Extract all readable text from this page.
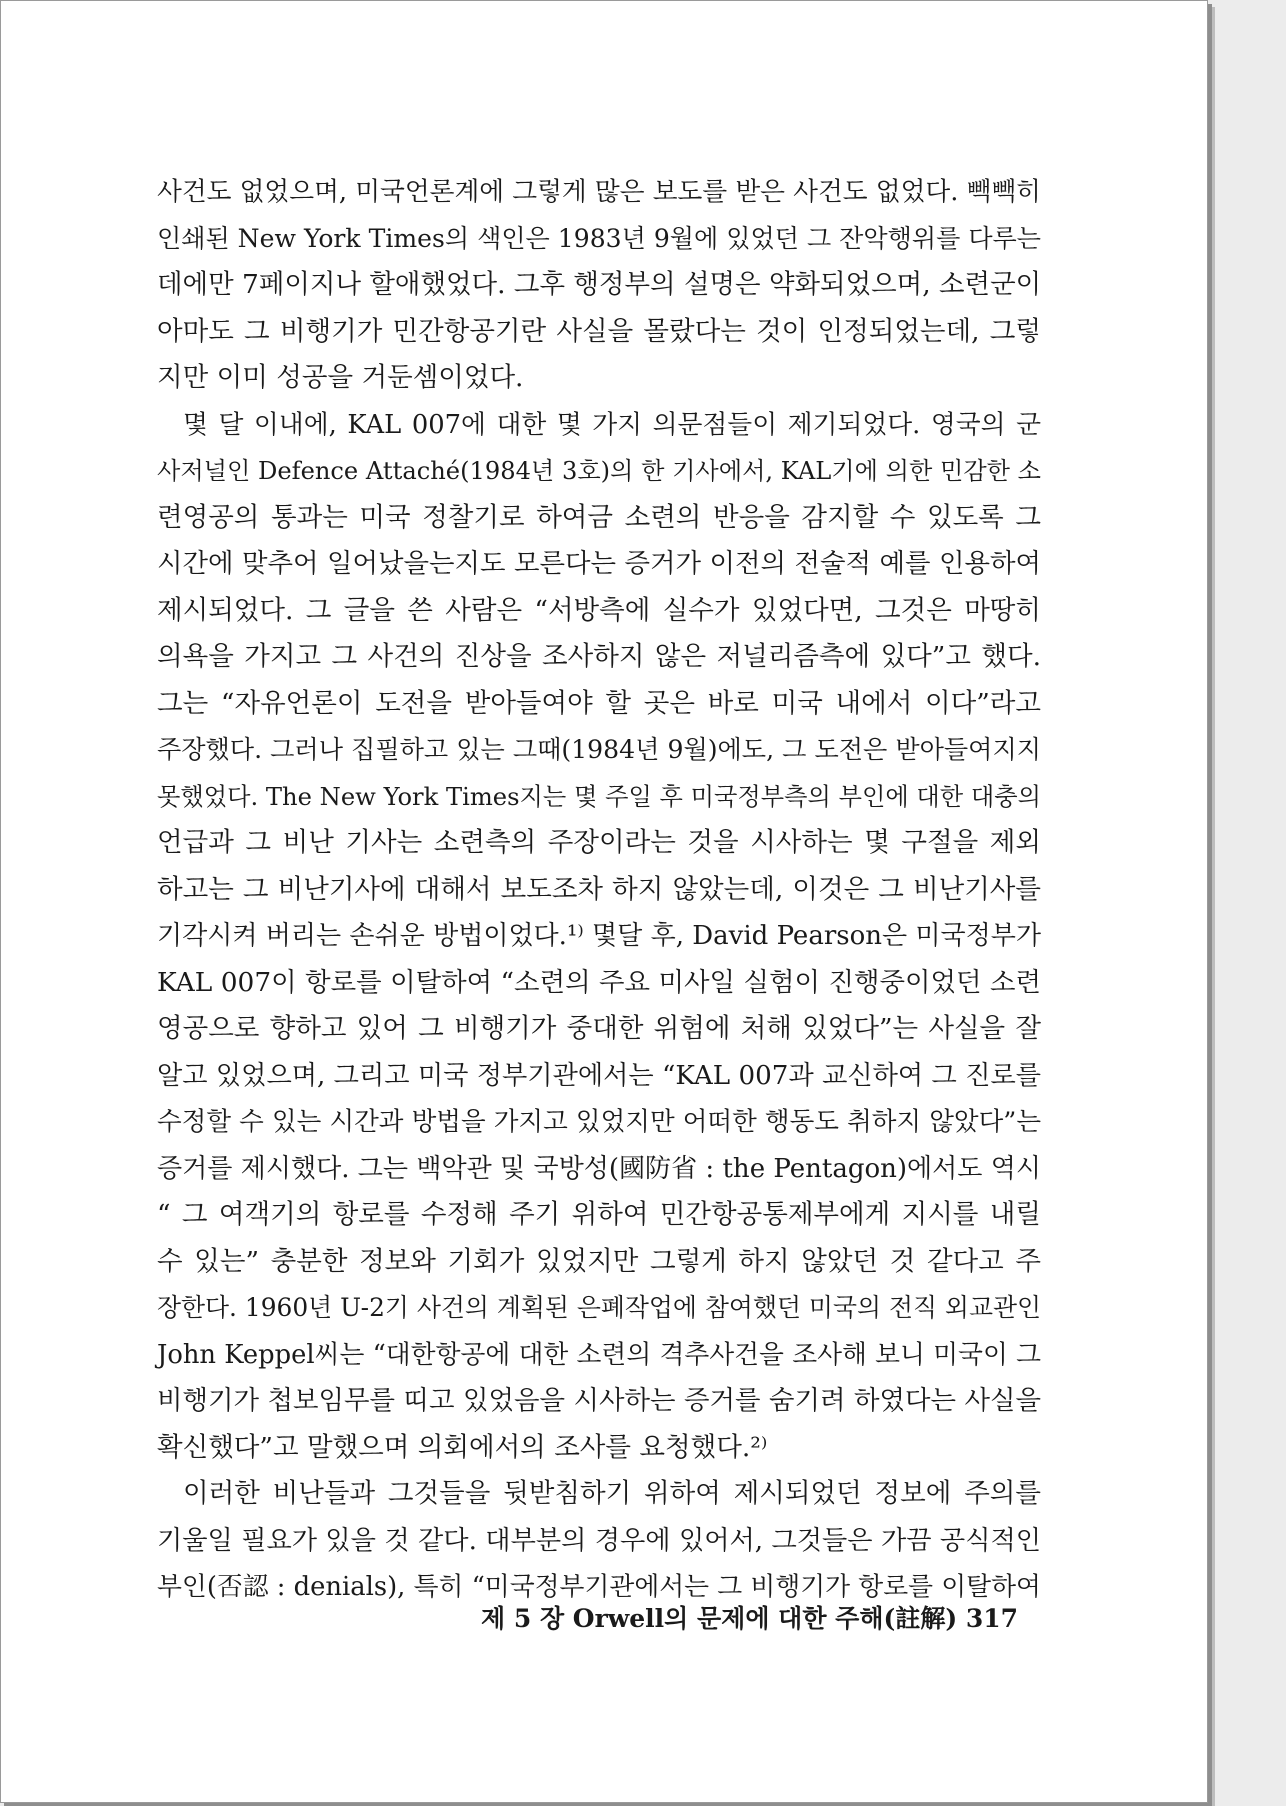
사건도 없었으며, 미국언론계에 그렇게 많은 보도를 받은 사건도 없었다. 빽빽히
인쇄된 New York Times의 색인은 1983년 9월에 있었던 그 잔악행위를 다루는
데에만 7페이지나 할애했었다. 그후 행정부의 설명은 약화되었으며, 소련군이
아마도 그 비행기가 민간항공기란 사실을 몰랐다는 것이 인정되었는데, 그렇
지만 이미 성공을 거둔셈이었다.
몇 달 이내에, KAL 007에 대한 몇 가지 의문점들이 제기되었다. 영국의 군
사저널인 Defence Attaché(1984년 3호)의 한 기사에서, KAL기에 의한 민감한 소
련영공의 통과는 미국 정찰기로 하여금 소련의 반응을 감지할 수 있도록 그
시간에 맞추어 일어났을는지도 모른다는 증거가 이전의 전술적 예를 인용하여
제시되었다. 그 글을 쓴 사람은 “서방측에 실수가 있었다면, 그것은 마땅히
의욕을 가지고 그 사건의 진상을 조사하지 않은 저널리즘측에 있다”고 했다.
그는 “자유언론이 도전을 받아들여야 할 곳은 바로 미국 내에서 이다”라고
주장했다. 그러나 집필하고 있는 그때(1984년 9월)에도, 그 도전은 받아들여지지
못했었다. The New York Times지는 몇 주일 후 미국정부측의 부인에 대한 대충의
언급과 그 비난 기사는 소련측의 주장이라는 것을 시사하는 몇 구절을 제외
하고는 그 비난기사에 대해서 보도조차 하지 않았는데, 이것은 그 비난기사를
기각시켜 버리는 손쉬운 방법이었다.¹⁾ 몇달 후, David Pearson은 미국정부가
KAL 007이 항로를 이탈하여 “소련의 주요 미사일 실험이 진행중이었던 소련
영공으로 향하고 있어 그 비행기가 중대한 위험에 처해 있었다”는 사실을 잘
알고 있었으며, 그리고 미국 정부기관에서는 “KAL 007과 교신하여 그 진로를
수정할 수 있는 시간과 방법을 가지고 있었지만 어떠한 행동도 취하지 않았다”는
증거를 제시했다. 그는 백악관 및 국방성(國防省 : the Pentagon)에서도 역시
“ 그 여객기의 항로를 수정해 주기 위하여 민간항공통제부에게 지시를 내릴
수 있는” 충분한 정보와 기회가 있었지만 그렇게 하지 않았던 것 같다고 주
장한다. 1960년 U-2기 사건의 계획된 은폐작업에 참여했던 미국의 전직 외교관인
John Keppel씨는 “대한항공에 대한 소련의 격추사건을 조사해 보니 미국이 그
비행기가 첩보임무를 띠고 있었음을 시사하는 증거를 숨기려 하였다는 사실을
확신했다”고 말했으며 의회에서의 조사를 요청했다.²⁾
이러한 비난들과 그것들을 뒷받침하기 위하여 제시되었던 정보에 주의를
기울일 필요가 있을 것 같다. 대부분의 경우에 있어서, 그것들은 가끔 공식적인
부인(否認 : denials), 특히 “미국정부기관에서는 그 비행기가 항로를 이탈하여
제 5 장 Orwell의 문제에 대한 주해(註解) 317
